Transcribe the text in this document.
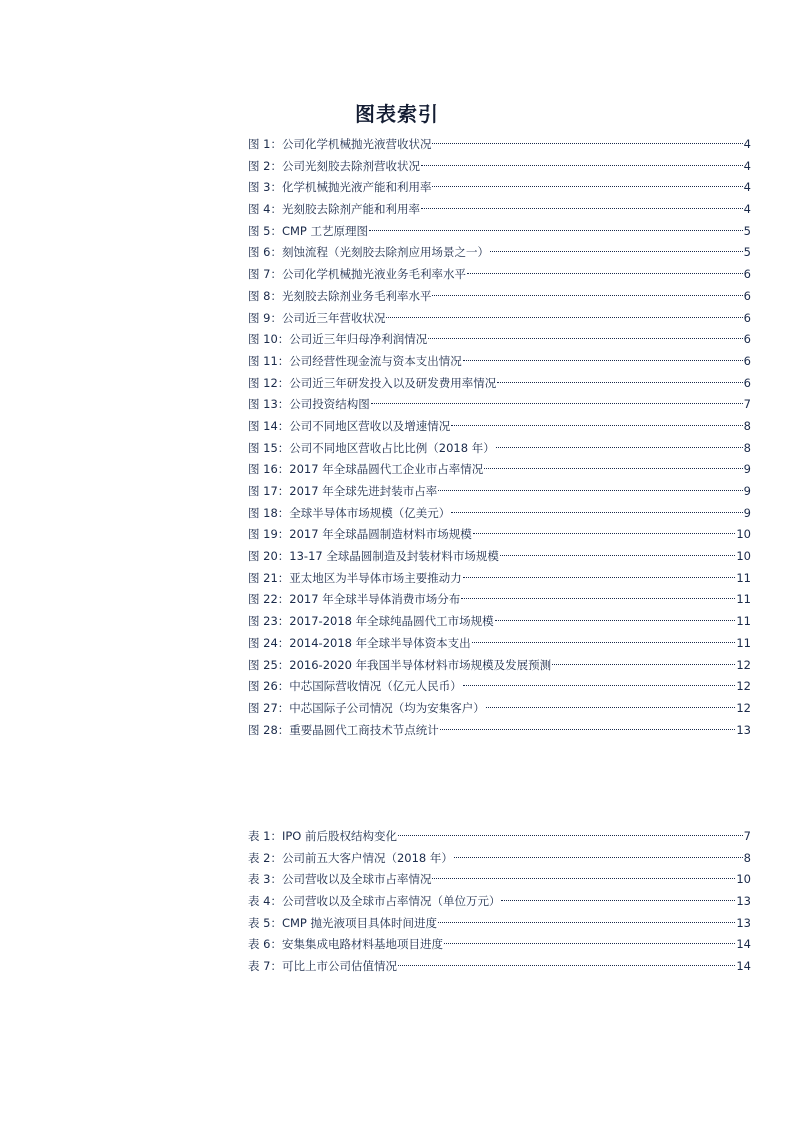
图表索引
图 1：公司化学机械抛光液营收状况	4
图 2：公司光刻胶去除剂营收状况	4
图 3：化学机械抛光液产能和利用率	4
图 4：光刻胶去除剂产能和利用率	4
图 5：CMP 工艺原理图	5
图 6：刻蚀流程（光刻胶去除剂应用场景之一）	5
图 7：公司化学机械抛光液业务毛利率水平	6
图 8：光刻胶去除剂业务毛利率水平	6
图 9：公司近三年营收状况	6
图 10：公司近三年归母净利润情况	6
图 11：公司经营性现金流与资本支出情况	6
图 12：公司近三年研发投入以及研发费用率情况	6
图 13：公司投资结构图	7
图 14：公司不同地区营收以及增速情况	8
图 15：公司不同地区营收占比比例（2018 年）	8
图 16：2017 年全球晶圆代工企业市占率情况	9
图 17：2017 年全球先进封装市占率	9
图 18：全球半导体市场规模（亿美元）	9
图 19：2017 年全球晶圆制造材料市场规模	10
图 20：13-17 全球晶圆制造及封装材料市场规模	10
图 21：亚太地区为半导体市场主要推动力	11
图 22：2017 年全球半导体消费市场分布	11
图 23：2017-2018 年全球纯晶圆代工市场规模	11
图 24：2014-2018 年全球半导体资本支出	11
图 25：2016-2020 年我国半导体材料市场规模及发展预测	12
图 26：中芯国际营收情况（亿元人民币）	12
图 27：中芯国际子公司情况（均为安集客户）	12
图 28：重要晶圆代工商技术节点统计	13
表 1：IPO 前后股权结构变化	7
表 2：公司前五大客户情况（2018 年）	8
表 3：公司营收以及全球市占率情况	10
表 4：公司营收以及全球市占率情况（单位万元）	13
表 5：CMP 抛光液项目具体时间进度	13
表 6：安集集成电路材料基地项目进度	14
表 7：可比上市公司估值情况	14
